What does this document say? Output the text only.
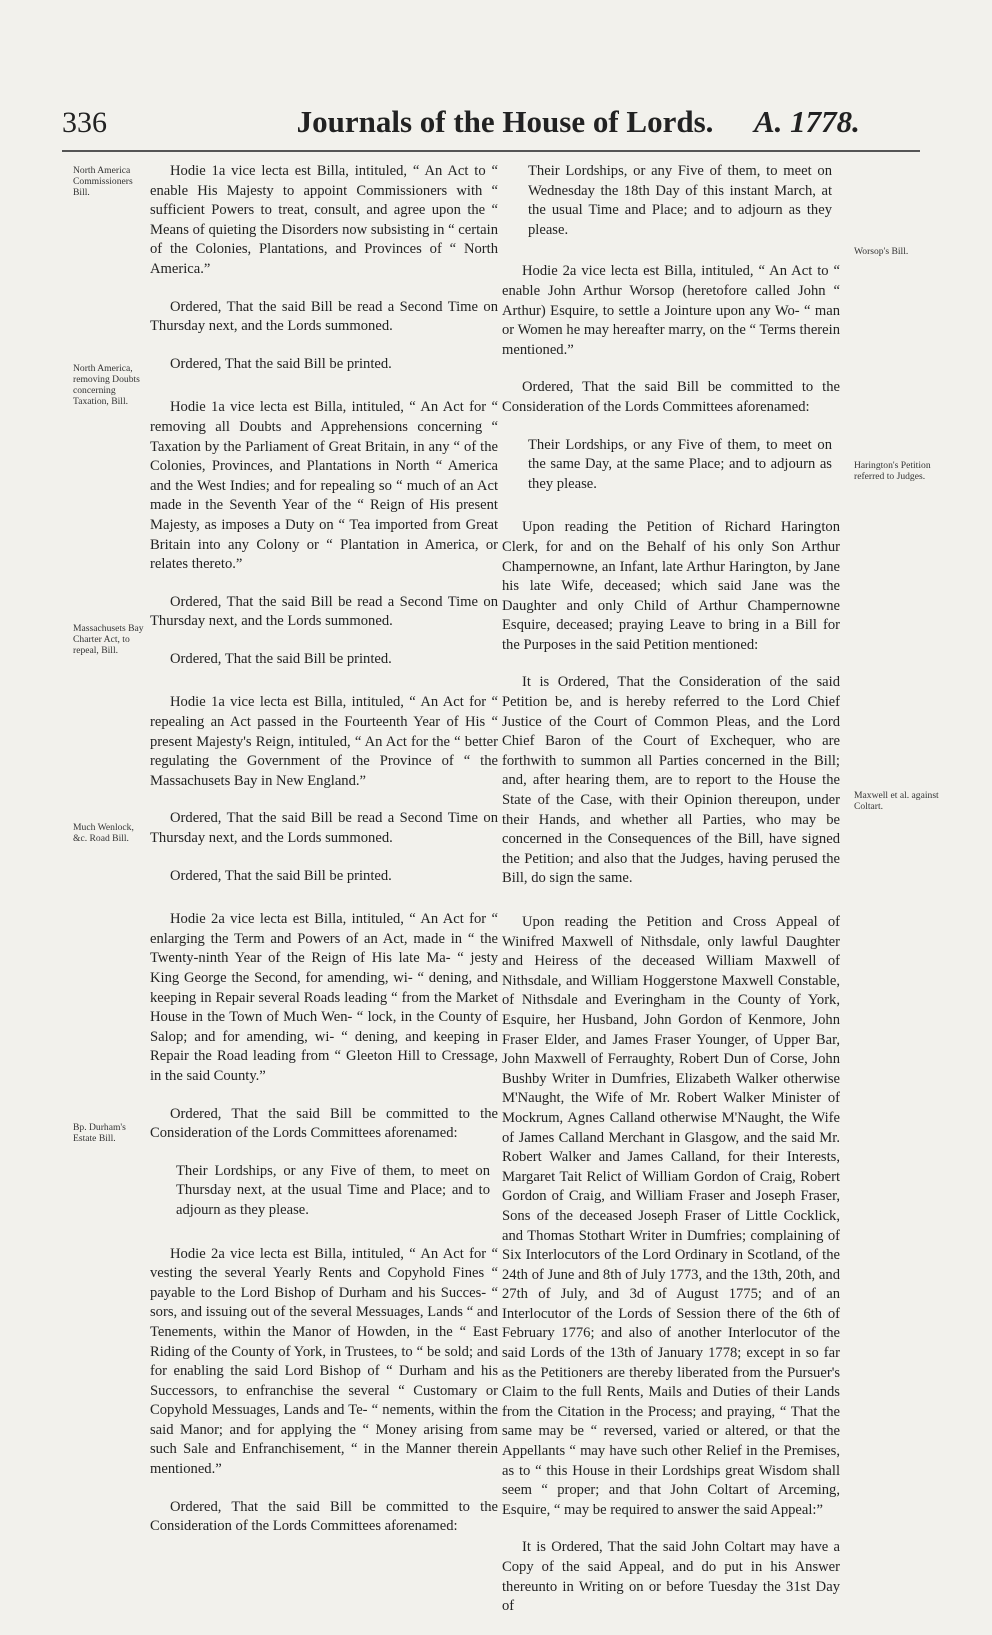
336	Journals of the House of Lords.	A. 1778.
North America Commissioners Bill.
North America, removing Doubts concerning Taxation, Bill.
Massachusets Bay Charter Act, to repeal, Bill.
Much Wenlock, &c. Road Bill.
Bp. Durham's Estate Bill.
Worsop's Bill.
Harington's Petition referred to Judges.
Maxwell et al. against Coltart.

Hodie 1a vice lecta est Billa, intituled, “ An Act to “ enable His Majesty to appoint Commissioners with “ sufficient Powers to treat, consult, and agree upon the “ Means of quieting the Disorders now subsisting in “ certain of the Colonies, Plantations, and Provinces of “ North America.”

Ordered, That the said Bill be read a Second Time on Thursday next, and the Lords summoned.

Ordered, That the said Bill be printed.

Hodie 1a vice lecta est Billa, intituled, “ An Act for “ removing all Doubts and Apprehensions concerning “ Taxation by the Parliament of Great Britain, in any “ of the Colonies, Provinces, and Plantations in North “ America and the West Indies; and for repealing so “ much of an Act made in the Seventh Year of the “ Reign of His present Majesty, as imposes a Duty on “ Tea imported from Great Britain into any Colony or “ Plantation in America, or relates thereto.”

Ordered, That the said Bill be read a Second Time on Thursday next, and the Lords summoned.

Ordered, That the said Bill be printed.

Hodie 1a vice lecta est Billa, intituled, “ An Act for “ repealing an Act passed in the Fourteenth Year of His “ present Majesty's Reign, intituled, “ An Act for the “ better regulating the Government of the Province of “ the Massachusets Bay in New England.”

Ordered, That the said Bill be read a Second Time on Thursday next, and the Lords summoned.

Ordered, That the said Bill be printed.

Hodie 2a vice lecta est Billa, intituled, “ An Act for “ enlarging the Term and Powers of an Act, made in “ the Twenty-ninth Year of the Reign of His late Ma- “ jesty King George the Second, for amending, wi- “ dening, and keeping in Repair several Roads leading “ from the Market House in the Town of Much Wen- “ lock, in the County of Salop; and for amending, wi- “ dening, and keeping in Repair the Road leading from “ Gleeton Hill to Cressage, in the said County.”

Ordered, That the said Bill be committed to the Consideration of the Lords Committees aforenamed:

Their Lordships, or any Five of them, to meet on Thursday next, at the usual Time and Place; and to adjourn as they please.

Hodie 2a vice lecta est Billa, intituled, “ An Act for “ vesting the several Yearly Rents and Copyhold Fines “ payable to the Lord Bishop of Durham and his Succes- “ sors, and issuing out of the several Messuages, Lands “ and Tenements, within the Manor of Howden, in the “ East Riding of the County of York, in Trustees, to “ be sold; and for enabling the said Lord Bishop of “ Durham and his Successors, to enfranchise the several “ Customary or Copyhold Messuages, Lands and Te- “ nements, within the said Manor; and for applying the “ Money arising from such Sale and Enfranchisement, “ in the Manner therein mentioned.”

Ordered, That the said Bill be committed to the Consideration of the Lords Committees aforenamed:

Their Lordships, or any Five of them, to meet on Wednesday the 18th Day of this instant March, at the usual Time and Place; and to adjourn as they please.

Hodie 2a vice lecta est Billa, intituled, “ An Act to “ enable John Arthur Worsop (heretofore called John “ Arthur) Esquire, to settle a Jointure upon any Wo- “ man or Women he may hereafter marry, on the “ Terms therein mentioned.”

Ordered, That the said Bill be committed to the Consideration of the Lords Committees aforenamed:

Their Lordships, or any Five of them, to meet on the same Day, at the same Place; and to adjourn as they please.

Upon reading the Petition of Richard Harington Clerk, for and on the Behalf of his only Son Arthur Champernowne, an Infant, late Arthur Harington, by Jane his late Wife, deceased; which said Jane was the Daughter and only Child of Arthur Champernowne Esquire, deceased; praying Leave to bring in a Bill for the Purposes in the said Petition mentioned:

It is Ordered, That the Consideration of the said Petition be, and is hereby referred to the Lord Chief Justice of the Court of Common Pleas, and the Lord Chief Baron of the Court of Exchequer, who are forthwith to summon all Parties concerned in the Bill; and, after hearing them, are to report to the House the State of the Case, with their Opinion thereupon, under their Hands, and whether all Parties, who may be concerned in the Consequences of the Bill, have signed the Petition; and also that the Judges, having perused the Bill, do sign the same.

Upon reading the Petition and Cross Appeal of Winifred Maxwell of Nithsdale, only lawful Daughter and Heiress of the deceased William Maxwell of Nithsdale, and William Hoggerstone Maxwell Constable, of Nithsdale and Everingham in the County of York, Esquire, her Husband, John Gordon of Kenmore, John Fraser Elder, and James Fraser Younger, of Upper Bar, John Maxwell of Ferraughty, Robert Dun of Corse, John Bushby Writer in Dumfries, Elizabeth Walker otherwise M'Naught, the Wife of Mr. Robert Walker Minister of Mockrum, Agnes Calland otherwise M'Naught, the Wife of James Calland Merchant in Glasgow, and the said Mr. Robert Walker and James Calland, for their Interests, Margaret Tait Relict of William Gordon of Craig, Robert Gordon of Craig, and William Fraser and Joseph Fraser, Sons of the deceased Joseph Fraser of Little Cocklick, and Thomas Stothart Writer in Dumfries; complaining of Six Interlocutors of the Lord Ordinary in Scotland, of the 24th of June and 8th of July 1773, and the 13th, 20th, and 27th of July, and 3d of August 1775; and of an Interlocutor of the Lords of Session there of the 6th of February 1776; and also of another Interlocutor of the said Lords of the 13th of January 1778; except in so far as the Petitioners are thereby liberated from the Pursuer's Claim to the full Rents, Mails and Duties of their Lands from the Citation in the Process; and praying, “ That the same may be “ reversed, varied or altered, or that the Appellants “ may have such other Relief in the Premises, as to “ this House in their Lordships great Wisdom shall seem “ proper; and that John Coltart of Arceming, Esquire, “ may be required to answer the said Appeal:”

It is Ordered, That the said John Coltart may have a Copy of the said Appeal, and do put in his Answer thereunto in Writing on or before Tuesday the 31st Day of
